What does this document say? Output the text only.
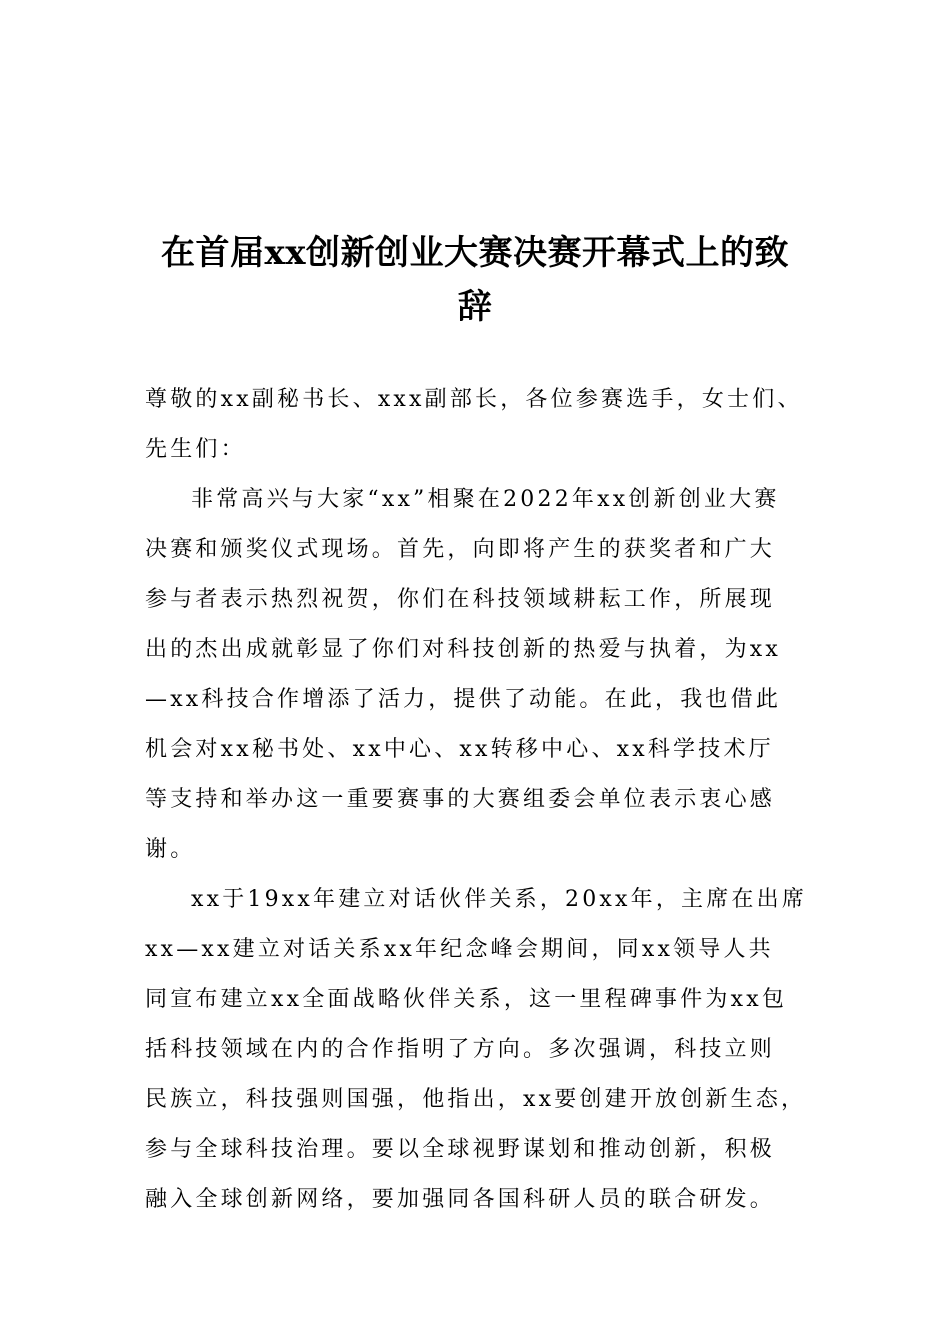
在首届xx创新创业大赛决赛开幕式上的致
辞
尊敬的xx副秘书长、xxx副部长，各位参赛选手，女士们、
先生们：
非常高兴与大家“xx”相聚在2022年xx创新创业大赛
决赛和颁奖仪式现场。首先，向即将产生的获奖者和广大
参与者表示热烈祝贺，你们在科技领域耕耘工作，所展现
出的杰出成就彰显了你们对科技创新的热爱与执着，为xx
—xx科技合作增添了活力，提供了动能。在此，我也借此
机会对xx秘书处、xx中心、xx转移中心、xx科学技术厅
等支持和举办这一重要赛事的大赛组委会单位表示衷心感
谢。
xx于19xx年建立对话伙伴关系，20xx年，主席在出席
xx—xx建立对话关系xx年纪念峰会期间，同xx领导人共
同宣布建立xx全面战略伙伴关系，这一里程碑事件为xx包
括科技领域在内的合作指明了方向。多次强调，科技立则
民族立，科技强则国强，他指出，xx要创建开放创新生态，
参与全球科技治理。要以全球视野谋划和推动创新，积极
融入全球创新网络，要加强同各国科研人员的联合研发。
